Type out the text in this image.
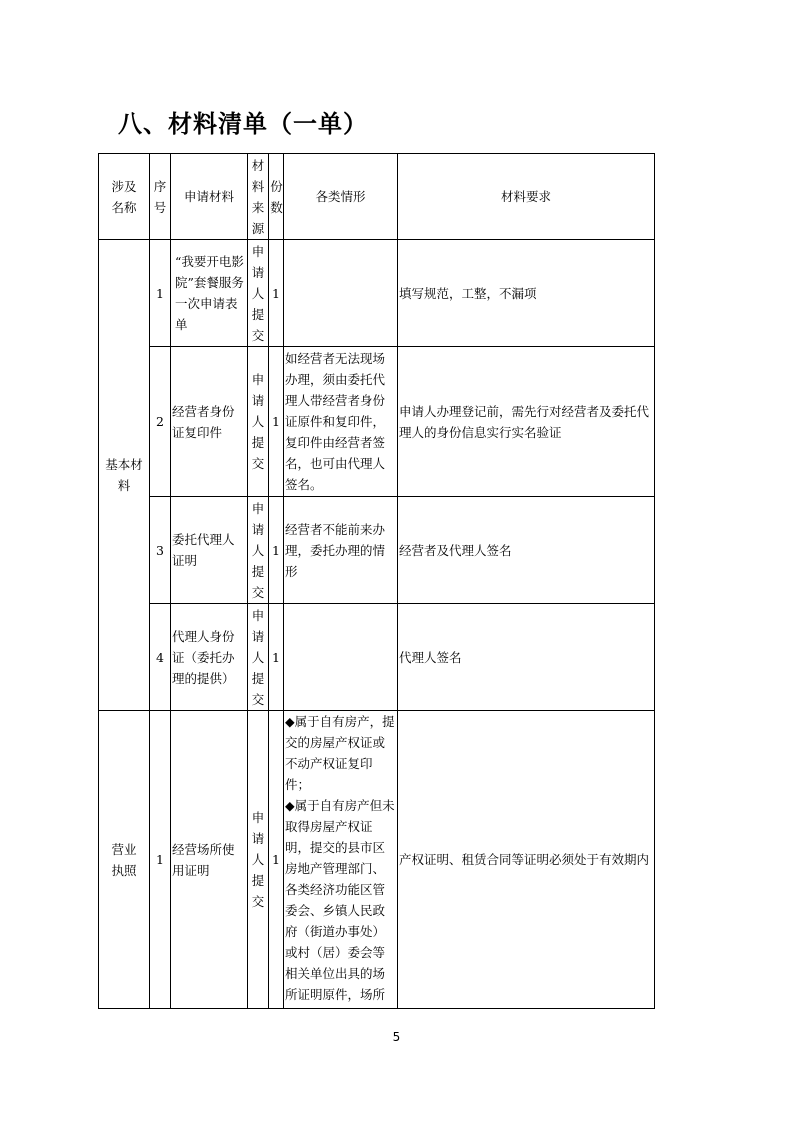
八、材料清单（一单）
涉及名称	序号	申请材料	材料来源	份数	各类情形	材料要求

基本材料	1	“我要开电影院”套餐服务一次申请表单	申请人提交	1		填写规范，工整，不漏项
	2	经营者身份证复印件	申请人提交	1	如经营者无法现场办理，须由委托代理人带经营者身份证原件和复印件，复印件由经营者签名，也可由代理人签名。	申请人办理登记前，需先行对经营者及委托代理人的身份信息实行实名验证
	3	委托代理人证明	申请人提交	1	经营者不能前来办理，委托办理的情形	经营者及代理人签名
	4	代理人身份证（委托办理的提供）	申请人提交	1		代理人签名

营业执照	1	经营场所使用证明	申请人提交	1	◆属于自有房产，提交的房屋产权证或不动产权证复印件；
◆属于自有房产但未取得房屋产权证明，提交的县市区房地产管理部门、各类经济功能区管委会、乡镇人民政府（街道办事处）或村（居）委会等相关单位出具的场所证明原件，场所	产权证明、租赁合同等证明必须处于有效期内
5
